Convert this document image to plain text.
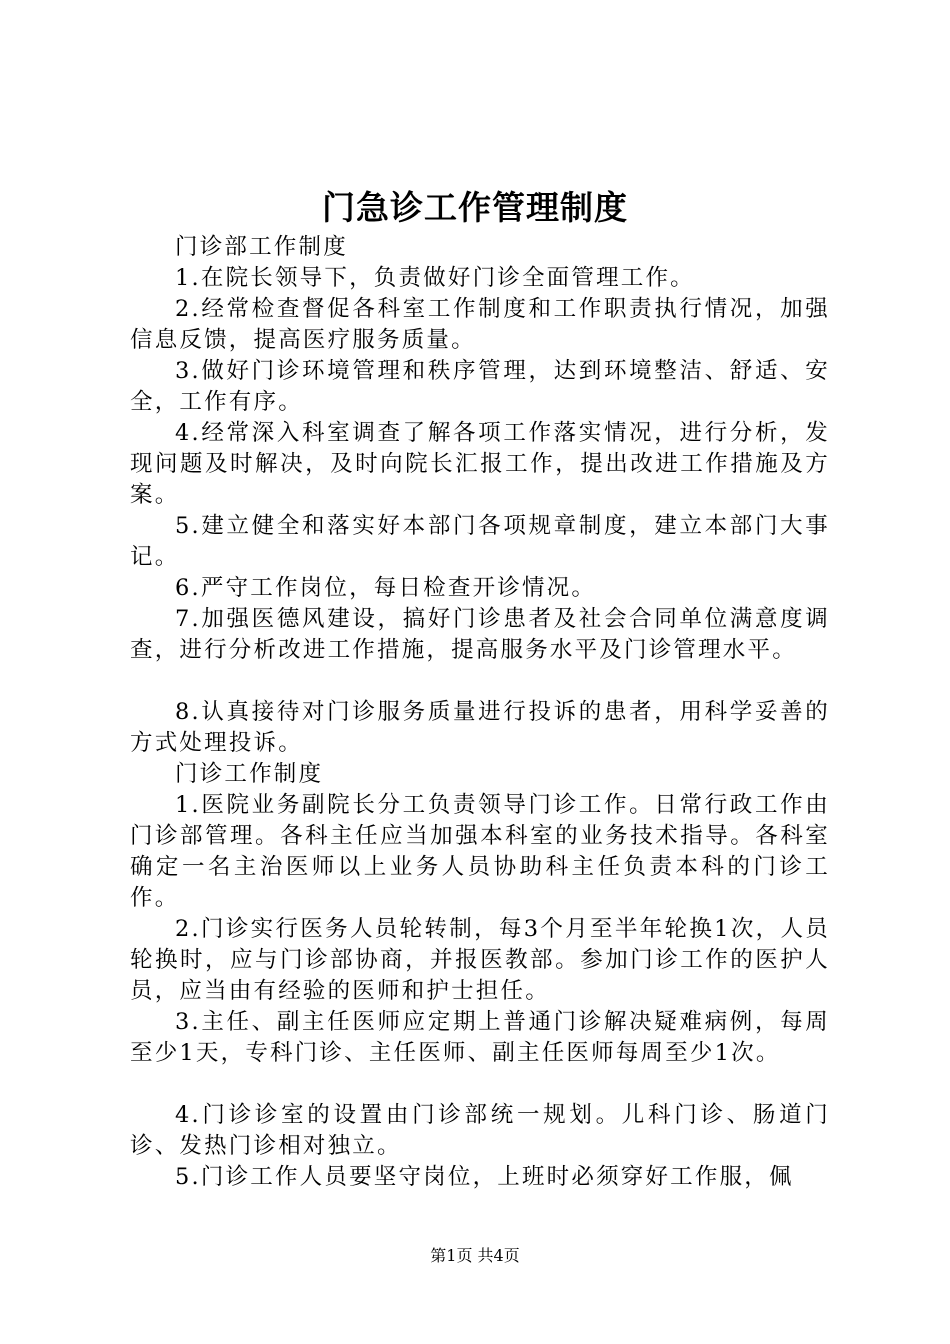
门急诊工作管理制度

门诊部工作制度

1.在院长领导下，负责做好门诊全面管理工作。

2.经常检查督促各科室工作制度和工作职责执行情况，加强信息反馈，提高医疗服务质量。

3.做好门诊环境管理和秩序管理，达到环境整洁、舒适、安全，工作有序。

4.经常深入科室调查了解各项工作落实情况，进行分析，发现问题及时解决，及时向院长汇报工作，提出改进工作措施及方案。

5.建立健全和落实好本部门各项规章制度，建立本部门大事记。

6.严守工作岗位，每日检查开诊情况。

7.加强医德风建设，搞好门诊患者及社会合同单位满意度调查，进行分析改进工作措施，提高服务水平及门诊管理水平。

8.认真接待对门诊服务质量进行投诉的患者，用科学妥善的方式处理投诉。

门诊工作制度

1.医院业务副院长分工负责领导门诊工作。日常行政工作由门诊部管理。各科主任应当加强本科室的业务技术指导。各科室确定一名主治医师以上业务人员协助科主任负责本科的门诊工作。

2.门诊实行医务人员轮转制，每3个月至半年轮换1次，人员轮换时，应与门诊部协商，并报医教部。参加门诊工作的医护人员，应当由有经验的医师和护士担任。

3.主任、副主任医师应定期上普通门诊解决疑难病例，每周至少1天，专科门诊、主任医师、副主任医师每周至少1次。

4.门诊诊室的设置由门诊部统一规划。儿科门诊、肠道门诊、发热门诊相对独立。

5.门诊工作人员要坚守岗位，上班时必须穿好工作服，佩

第1页 共4页
